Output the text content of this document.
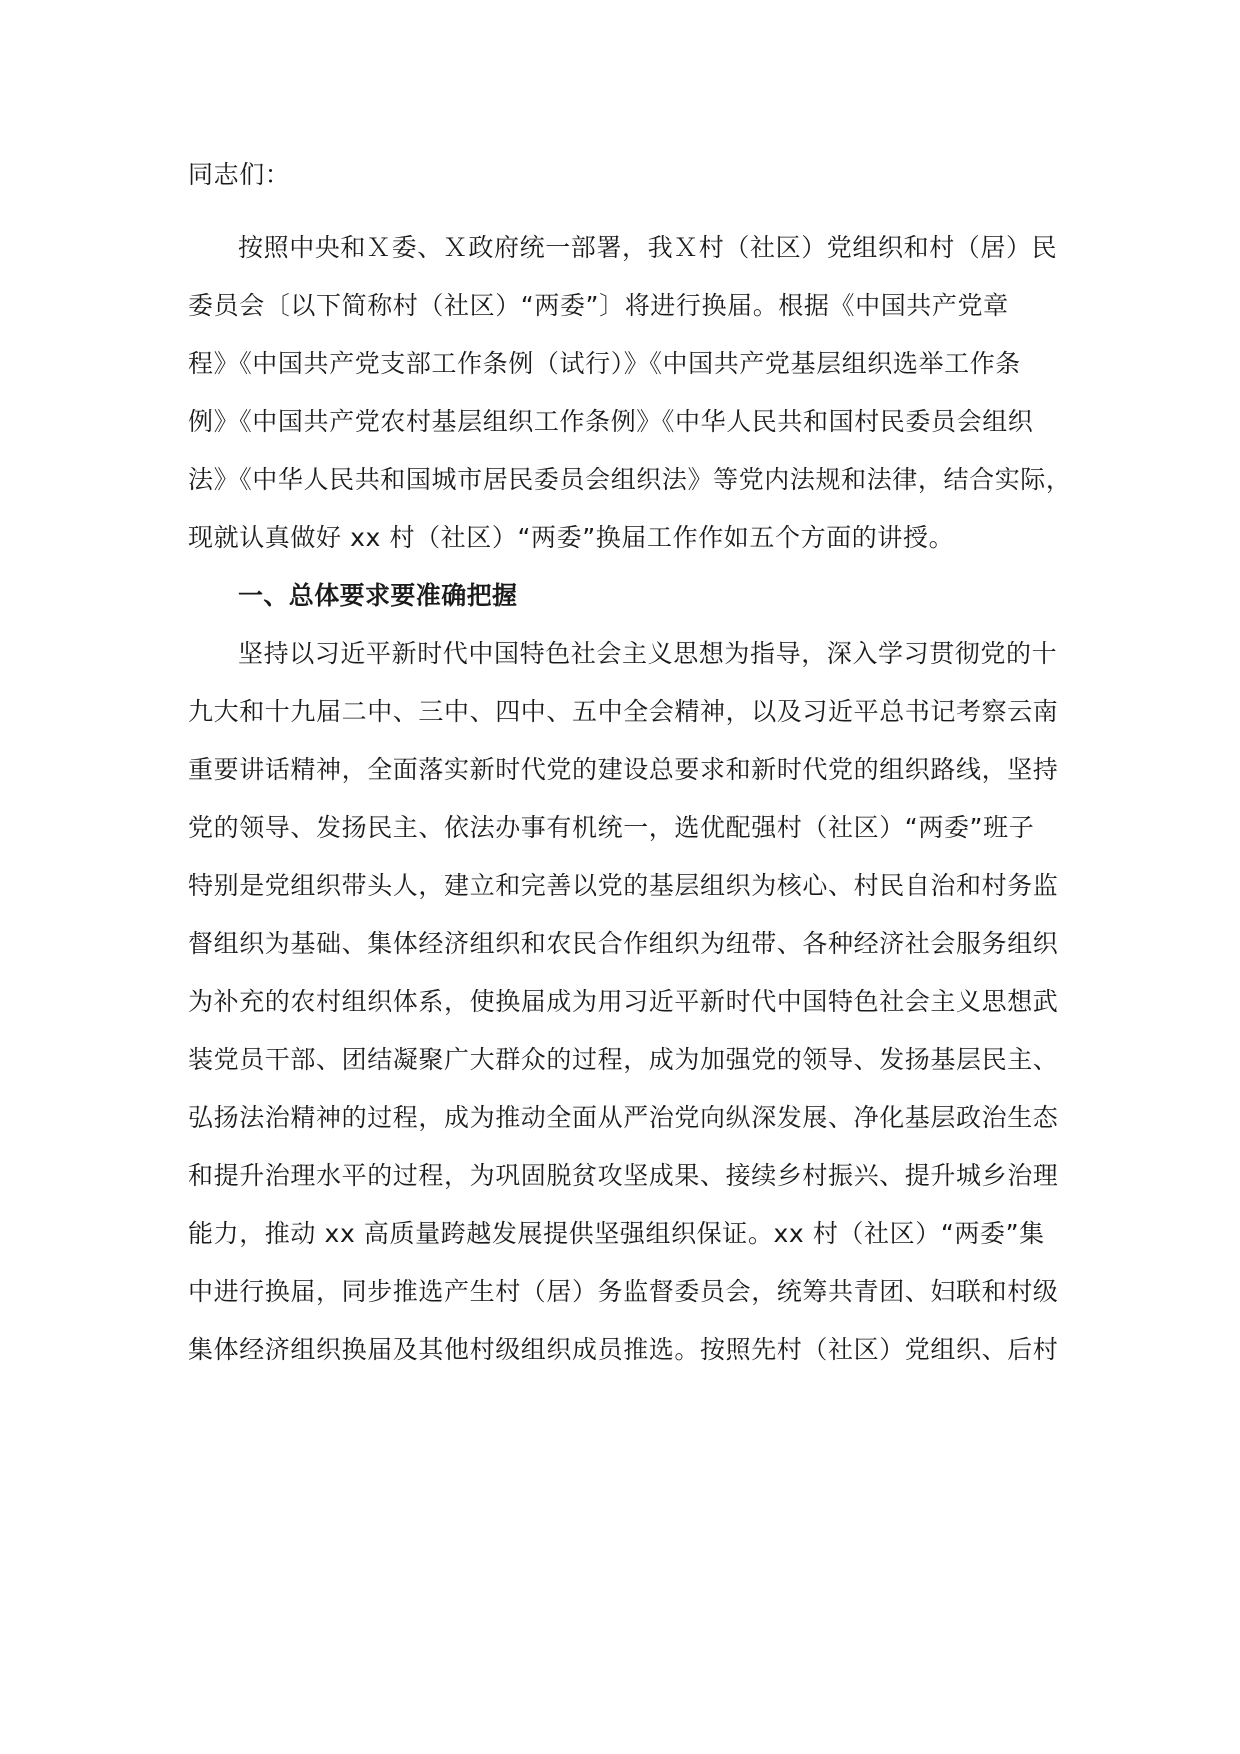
同志们：
按照中央和Ｘ委、Ｘ政府统一部署，我Ｘ村（社区）党组织和村（居）民
委员会〔以下简称村（社区）“两委”〕将进行换届。根据《中国共产党章
程》《中国共产党支部工作条例（试行）》《中国共产党基层组织选举工作条
例》《中国共产党农村基层组织工作条例》《中华人民共和国村民委员会组织
法》《中华人民共和国城市居民委员会组织法》等党内法规和法律，结合实际，
现就认真做好 xx 村（社区）“两委”换届工作作如五个方面的讲授。
一、总体要求要准确把握
坚持以习近平新时代中国特色社会主义思想为指导，深入学习贯彻党的十
九大和十九届二中、三中、四中、五中全会精神，以及习近平总书记考察云南
重要讲话精神，全面落实新时代党的建设总要求和新时代党的组织路线，坚持
党的领导、发扬民主、依法办事有机统一，选优配强村（社区）“两委”班子
特别是党组织带头人，建立和完善以党的基层组织为核心、村民自治和村务监
督组织为基础、集体经济组织和农民合作组织为纽带、各种经济社会服务组织
为补充的农村组织体系，使换届成为用习近平新时代中国特色社会主义思想武
装党员干部、团结凝聚广大群众的过程，成为加强党的领导、发扬基层民主、
弘扬法治精神的过程，成为推动全面从严治党向纵深发展、净化基层政治生态
和提升治理水平的过程，为巩固脱贫攻坚成果、接续乡村振兴、提升城乡治理
能力，推动 xx 高质量跨越发展提供坚强组织保证。xx 村（社区）“两委”集
中进行换届，同步推选产生村（居）务监督委员会，统筹共青团、妇联和村级
集体经济组织换届及其他村级组织成员推选。按照先村（社区）党组织、后村
